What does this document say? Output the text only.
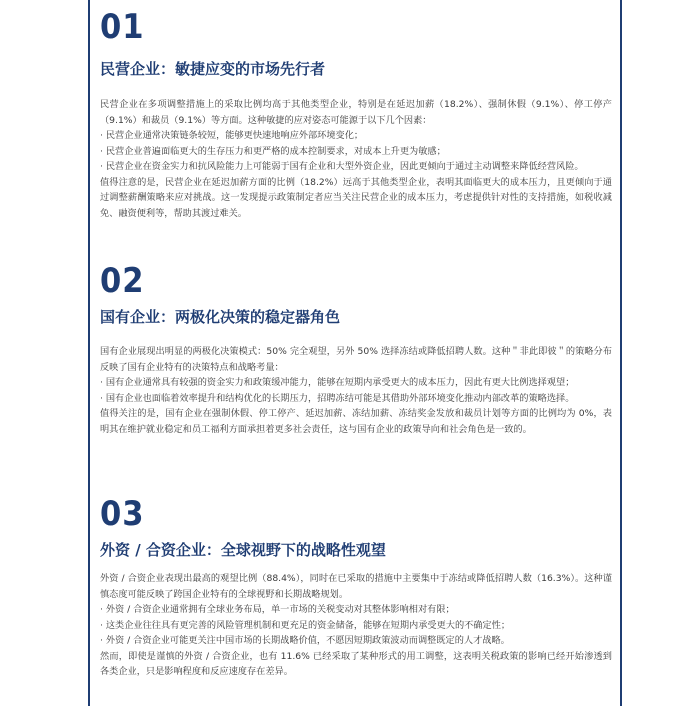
01
民营企业：敏捷应变的市场先行者

民营企业在多项调整措施上的采取比例均高于其他类型企业，特别是在延迟加薪（18.2%）、强制休假（9.1%）、停工停产（9.1%）和裁员（9.1%）等方面。这种敏捷的应对姿态可能源于以下几个因素：

· 民营企业通常决策链条较短，能够更快速地响应外部环境变化；
· 民营企业普遍面临更大的生存压力和更严格的成本控制要求，对成本上升更为敏感；
· 民营企业在资金实力和抗风险能力上可能弱于国有企业和大型外资企业，因此更倾向于通过主动调整来降低经营风险。

值得注意的是，民营企业在延迟加薪方面的比例（18.2%）远高于其他类型企业，表明其面临更大的成本压力，且更倾向于通过调整薪酬策略来应对挑战。这一发现提示政策制定者应当关注民营企业的成本压力，考虑提供针对性的支持措施，如税收减免、融资便利等，帮助其渡过难关。

02
国有企业：两极化决策的稳定器角色

国有企业展现出明显的两极化决策模式：50% 完全观望，另外 50% 选择冻结或降低招聘人数。这种＂非此即彼＂的策略分布反映了国有企业特有的决策特点和战略考量：

· 国有企业通常具有较强的资金实力和政策缓冲能力，能够在短期内承受更大的成本压力，因此有更大比例选择观望；
· 国有企业也面临着效率提升和结构优化的长期压力，招聘冻结可能是其借助外部环境变化推动内部改革的策略选择。

值得关注的是，国有企业在强制休假、停工停产、延迟加薪、冻结加薪、冻结奖金发放和裁员计划等方面的比例均为 0%，表明其在维护就业稳定和员工福利方面承担着更多社会责任，这与国有企业的政策导向和社会角色是一致的。

03
外资 / 合资企业：全球视野下的战略性观望

外资 / 合资企业表现出最高的观望比例（88.4%），同时在已采取的措施中主要集中于冻结或降低招聘人数（16.3%）。这种谨慎态度可能反映了跨国企业特有的全球视野和长期战略规划。

· 外资 / 合资企业通常拥有全球业务布局，单一市场的关税变动对其整体影响相对有限；
· 这类企业往往具有更完善的风险管理机制和更充足的资金储备，能够在短期内承受更大的不确定性；
· 外资 / 合资企业可能更关注中国市场的长期战略价值，不愿因短期政策波动而调整既定的人才战略。

然而，即使是谨慎的外资 / 合资企业，也有 11.6% 已经采取了某种形式的用工调整，这表明关税政策的影响已经开始渗透到各类企业，只是影响程度和反应速度存在差异。
